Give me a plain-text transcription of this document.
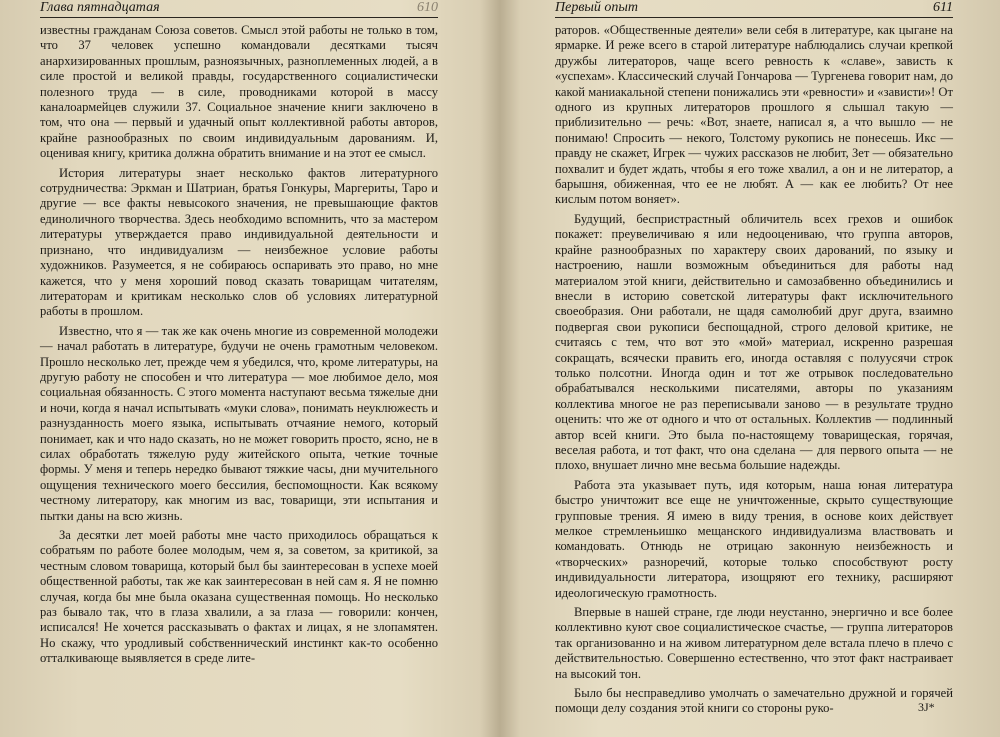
Глава пятнадцатая	610

известны гражданам Союза советов. Смысл этой работы не только в том, что 37 человек успешно командовали десятками тысяч анархизированных прошлым, разноязычных, разноплеменных людей, а в силе простой и великой правды, государственного социалистически полезного труда — в силе, проводниками которой в массу каналоармейцев служили 37. Социальное значение книги заключено в том, что она — первый и удачный опыт коллективной работы авторов, крайне разнообразных по своим индивидуальным дарованиям. И, оценивая книгу, критика должна обратить внимание и на этот ее смысл.

История литературы знает несколько фактов литературного сотрудничества: Эркман и Шатриан, братья Гонкуры, Маргериты, Таро и другие — все факты невысокого значения, не превышающие фактов единоличного творчества. Здесь необходимо вспомнить, что за мастером литературы утверждается право индивидуальной деятельности и признано, что индивидуализм — неизбежное условие работы художников. Разумеется, я не собираюсь оспаривать это право, но мне кажется, что у меня хороший повод сказать товарищам читателям, литераторам и критикам несколько слов об условиях литературной работы в прошлом.

Известно, что я — так же как очень многие из современной молодежи — начал работать в литературе, будучи не очень грамотным человеком. Прошло несколько лет, прежде чем я убедился, что, кроме литературы, на другую работу не способен и что литература — мое любимое дело, моя социальная обязанность. С этого момента наступают весьма тяжелые дни и ночи, когда я начал испытывать «муки слова», понимать неуклюжесть и разнузданность моего языка, испытывать отчаяние немого, который понимает, как и что надо сказать, но не может говорить просто, ясно, не в силах обработать тяжелую руду житейского опыта, четкие точные формы. У меня и теперь нередко бывают тяжкие часы, дни мучительного ощущения технического моего бессилия, беспомощности. Как всякому честному литератору, как многим из вас, товарищи, эти испытания и пытки даны на всю жизнь.

За десятки лет моей работы мне часто приходилось обращаться к собратьям по работе более молодым, чем я, за советом, за критикой, за честным словом товарища, который был бы заинтересован в успехе моей общественной работы, так же как заинтересован в ней сам я. Я не помню случая, когда бы мне была оказана существенная помощь. Но несколько раз бывало так, что в глаза хвалили, а за глаза — говорили: кончен, исписался! Не хочется рассказывать о фактах и лицах, я не злопамятен. Но скажу, что уродливый собственнический инстинкт как-то особенно отталкивающе выявляется в среде лите-

Первый опыт	611

раторов. «Общественные деятели» вели себя в литературе, как цыгане на ярмарке. И реже всего в старой литературе наблюдались случаи крепкой дружбы литераторов, чаще всего ревность к «славе», зависть к «успехам». Классический случай Гончарова — Тургенева говорит нам, до какой маниакальной степени понижались эти «ревности» и «зависти»! От одного из крупных литераторов прошлого я слышал такую — приблизительно — речь: «Вот, знаете, написал я, а что вышло — не понимаю! Спросить — некого, Толстому рукопись не понесешь. Икс — правду не скажет, Игрек — чужих рассказов не любит, Зет — обязательно похвалит и будет ждать, чтобы я его тоже хвалил, а он и не литератор, а барышня, обиженная, что ее не любят. А — как ее любить? От нее кислым потом воняет».

Будущий, беспристрастный обличитель всех грехов и ошибок покажет: преувеличиваю я или недооцениваю, что группа авторов, крайне разнообразных по характеру своих дарований, по языку и настроению, нашли возможным объединиться для работы над материалом этой книги, действительно и самозабвенно объединились и внесли в историю советской литературы факт исключительного своеобразия. Они работали, не щадя самолюбий друг друга, взаимно подвергая свои рукописи беспощадной, строго деловой критике, не считаясь с тем, что вот это «мой» материал, искренно разрешая сокращать, всячески править его, иногда оставляя с полуусячи строк только полсотни. Иногда один и тот же отрывок последовательно обрабатывался несколькими писателями, авторы по указаниям коллектива многое не раз переписывали заново — в результате трудно оценить: что же от одного и что от остальных. Коллектив — подлинный автор всей книги. Это была по-настоящему товарищеская, горячая, веселая работа, и тот факт, что она сделана — для первого опыта — не плохо, внушает лично мне весьма большие надежды.

Работа эта указывает путь, идя которым, наша юная литература быстро уничтожит все еще не уничтоженные, скрыто существующие групповые трения. Я имею в виду трения, в основе коих действует мелкое стремленьишко мещанского индивидуализма властвовать и командовать. Отнюдь не отрицаю законную неизбежность и «творческих» разноречий, которые только способствуют росту индивидуальности литератора, изощряют его технику, расширяют идеологическую грамотность.

Впервые в нашей стране, где люди неустанно, энергично и все более коллективно куют свое социалистическое счастье, — группа литераторов так организованно и на живом литературном деле встала плечо в плечо с действительностью. Совершенно естественно, что этот факт настраивает на высокий тон.

Было бы несправедливо умолчать о замечательно дружной и горячей помощи делу создания этой книги со стороны руко-	3J*
